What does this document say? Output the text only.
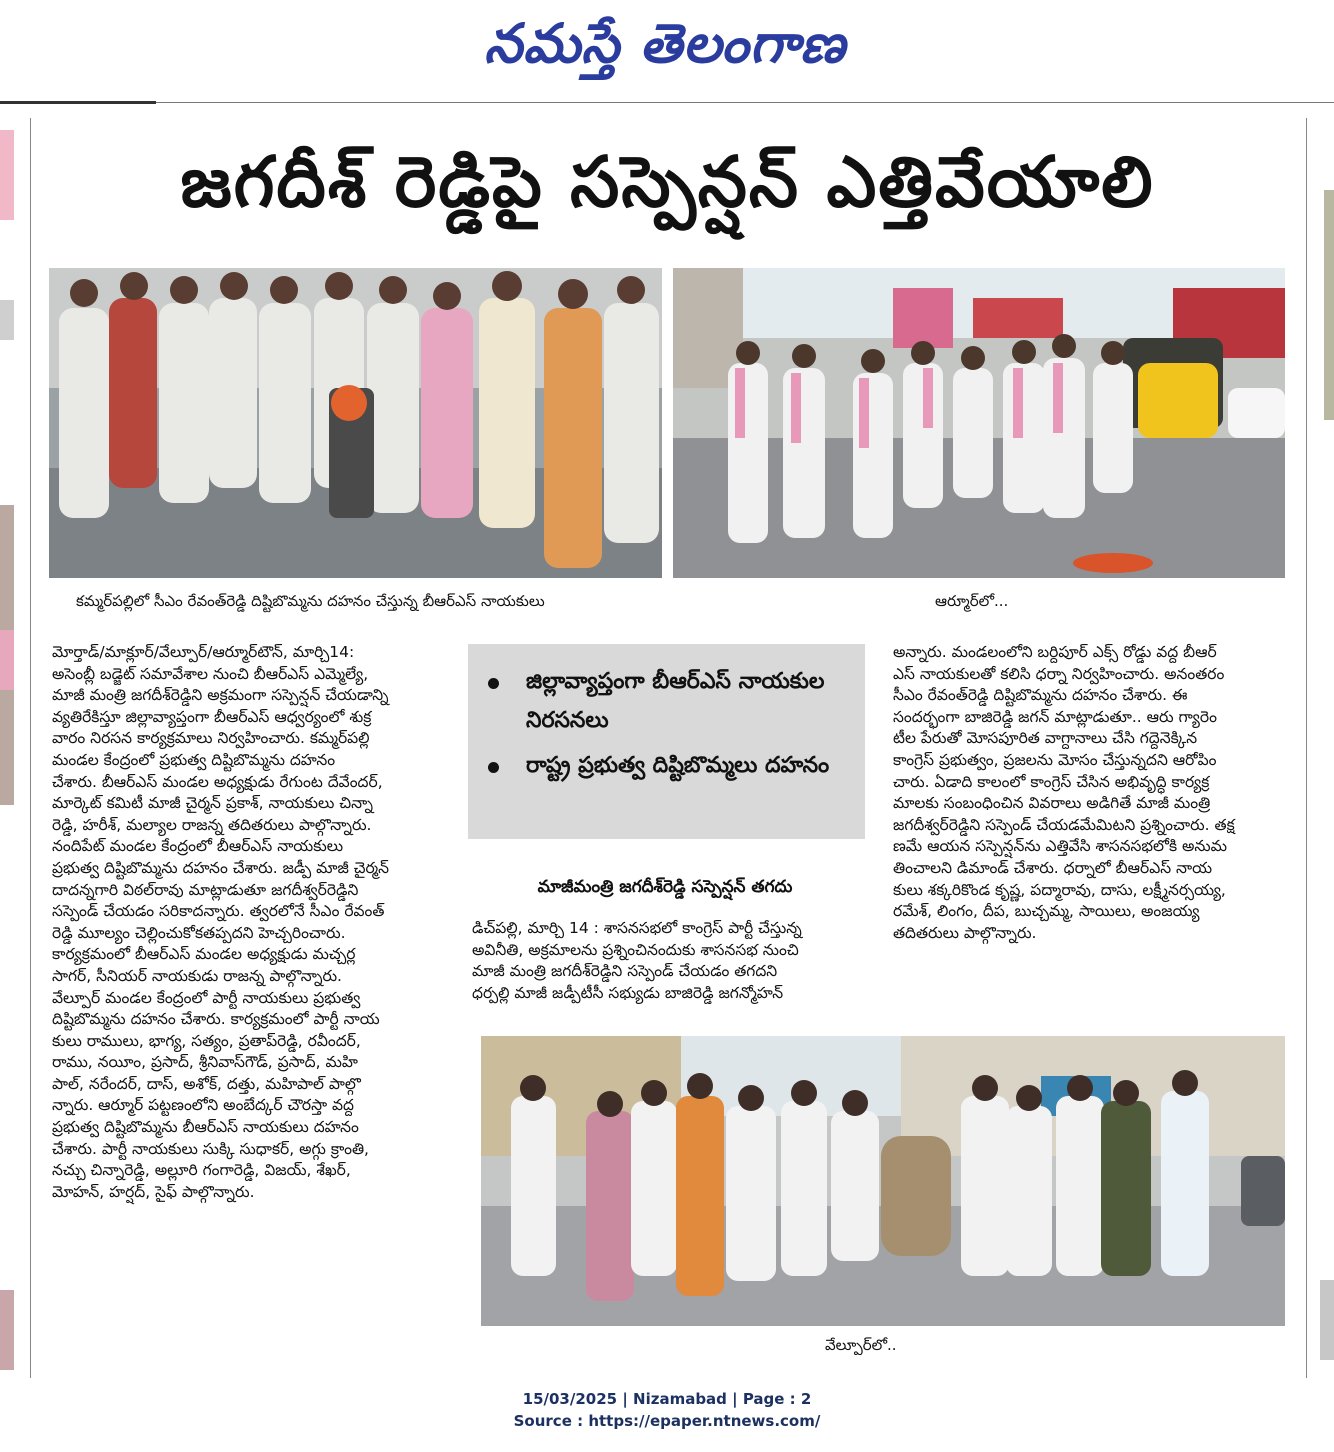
నమస్తే తెలంగాణ
జగదీశ్ రెడ్డిపై సస్పెన్షన్ ఎత్తివేయాలి
కమ్మర్‌పల్లిలో సీఎం రేవంత్‌రెడ్డి దిష్టిబొమ్మను దహనం చేస్తున్న బీఆర్‌ఎస్ నాయకులు	ఆర్మూర్‌లో...
మోర్తాడ్/మాక్లూర్/వేల్పూర్/ఆర్మూర్‌టౌన్, మార్చి14:
అసెంబ్లీ బడ్జెట్ సమావేశాల నుంచి బీఆర్‌ఎస్ ఎమ్మెల్యే,
మాజీ మంత్రి జగదీశ్‌రెడ్డిని అక్రమంగా సస్పెన్షన్ చేయడాన్ని
వ్యతిరేకిస్తూ జిల్లావ్యాప్తంగా బీఆర్‌ఎస్ ఆధ్వర్యంలో శుక్ర
వారం నిరసన కార్యక్రమాలు నిర్వహించారు. కమ్మర్‌పల్లి
మండల కేంద్రంలో ప్రభుత్వ దిష్టిబొమ్మను దహనం
చేశారు. బీఆర్‌ఎస్ మండల అధ్యక్షుడు రేగుంట దేవేందర్,
మార్కెట్ కమిటీ మాజీ చైర్మన్ ప్రకాశ్, నాయకులు చిన్నా
రెడ్డి, హరీశ్, మల్యాల రాజన్న తదితరులు పాల్గొన్నారు.
నందిపేట్ మండల కేంద్రంలో బీఆర్‌ఎస్ నాయకులు
ప్రభుత్వ దిష్టిబొమ్మను దహనం చేశారు. జడ్పీ మాజీ చైర్మన్
దాదన్నగారి విఠల్‌రావు మాట్లాడుతూ జగదీశ్వర్‌రెడ్డిని
సస్పెండ్ చేయడం సరికాదన్నారు. త్వరలోనే సీఎం రేవంత్
రెడ్డి మూల్యం చెల్లించుకోకతప్పదని హెచ్చరించారు.
కార్యక్రమంలో బీఆర్‌ఎస్ మండల అధ్యక్షుడు మచ్చర్ల
సాగర్, సీనియర్ నాయకుడు రాజన్న పాల్గొన్నారు.
వేల్పూర్ మండల కేంద్రంలో పార్టీ నాయకులు ప్రభుత్వ
దిష్టిబొమ్మను దహనం చేశారు. కార్యక్రమంలో పార్టీ నాయ
కులు రాములు, భాగ్య, సత్యం, ప్రతాప్‌రెడ్డి, రవీందర్,
రాము, నయీం, ప్రసాద్, శ్రీనివాస్‌గౌడ్, ప్రసాద్, మహి
పాల్, నరేందర్, దాస్, అశోక్, దత్తు, మహిపాల్ పాల్గొ
న్నారు. ఆర్మూర్ పట్టణంలోని అంబేద్కర్ చౌరస్తా వద్ద
ప్రభుత్వ దిష్టిబొమ్మను బీఆర్‌ఎస్ నాయకులు దహనం
చేశారు. పార్టీ నాయకులు సుక్కి సుధాకర్, అగ్గు క్రాంతి,
నచ్చు చిన్నారెడ్డి, అల్లూరి గంగారెడ్డి, విజయ్, శేఖర్,
మోహన్, హర్షద్, సైఫ్ పాల్గొన్నారు.
జిల్లావ్యాప్తంగా బీఆర్‌ఎస్ నాయకుల నిరసనలు
రాష్ట్ర ప్రభుత్వ దిష్టిబొమ్మలు దహనం
మాజీమంత్రి జగదీశ్‌రెడ్డి సస్పెన్షన్ తగదు
డిచ్‌పల్లి, మార్చి 14 : శాసనసభలో కాంగ్రెస్ పార్టీ చేస్తున్న
అవినీతి, అక్రమాలను ప్రశ్నించినందుకు శాసనసభ నుంచి
మాజీ మంత్రి జగదీశ్‌రెడ్డిని సస్పెండ్ చేయడం తగదని
ధర్పల్లి మాజీ జడ్పీటీసీ సభ్యుడు బాజిరెడ్డి జగన్మోహన్
అన్నారు. మండలంలోని బర్దిపూర్ ఎక్స్ రోడ్డు వద్ద బీఆర్
ఎస్ నాయకులతో కలిసి ధర్నా నిర్వహించారు. అనంతరం
సీఎం రేవంత్‌రెడ్డి దిష్టిబొమ్మను దహనం చేశారు. ఈ
సందర్భంగా బాజిరెడ్డి జగన్ మాట్లాడుతూ.. ఆరు గ్యారెం
టీల పేరుతో మోసపూరిత వాగ్దానాలు చేసి గద్దెనెక్కిన
కాంగ్రెస్ ప్రభుత్వం, ప్రజలను మోసం చేస్తున్నదని ఆరోపిం
చారు. ఏడాది కాలంలో కాంగ్రెస్ చేసిన అభివృద్ధి కార్యక్ర
మాలకు సంబంధించిన వివరాలు అడిగితే మాజీ మంత్రి
జగదీశ్వర్‌రెడ్డిని సస్పెండ్ చేయడమేమిటని ప్రశ్నించారు. తక్ష
ణమే ఆయన సస్పెన్షన్‌ను ఎత్తివేసి శాసనసభలోకి అనుమ
తించాలని డిమాండ్ చేశారు. ధర్నాలో బీఆర్‌ఎస్ నాయ
కులు శక్కరికొండ కృష్ణ, పద్మారావు, దాసు, లక్ష్మీనర్సయ్య,
రమేశ్, లింగం, దీప, బుచ్చమ్మ, సాయిలు, అంజయ్య
తదితరులు పాల్గొన్నారు.
వేల్పూర్‌లో..
15/03/2025 | Nizamabad | Page : 2
Source : https://epaper.ntnews.com/
